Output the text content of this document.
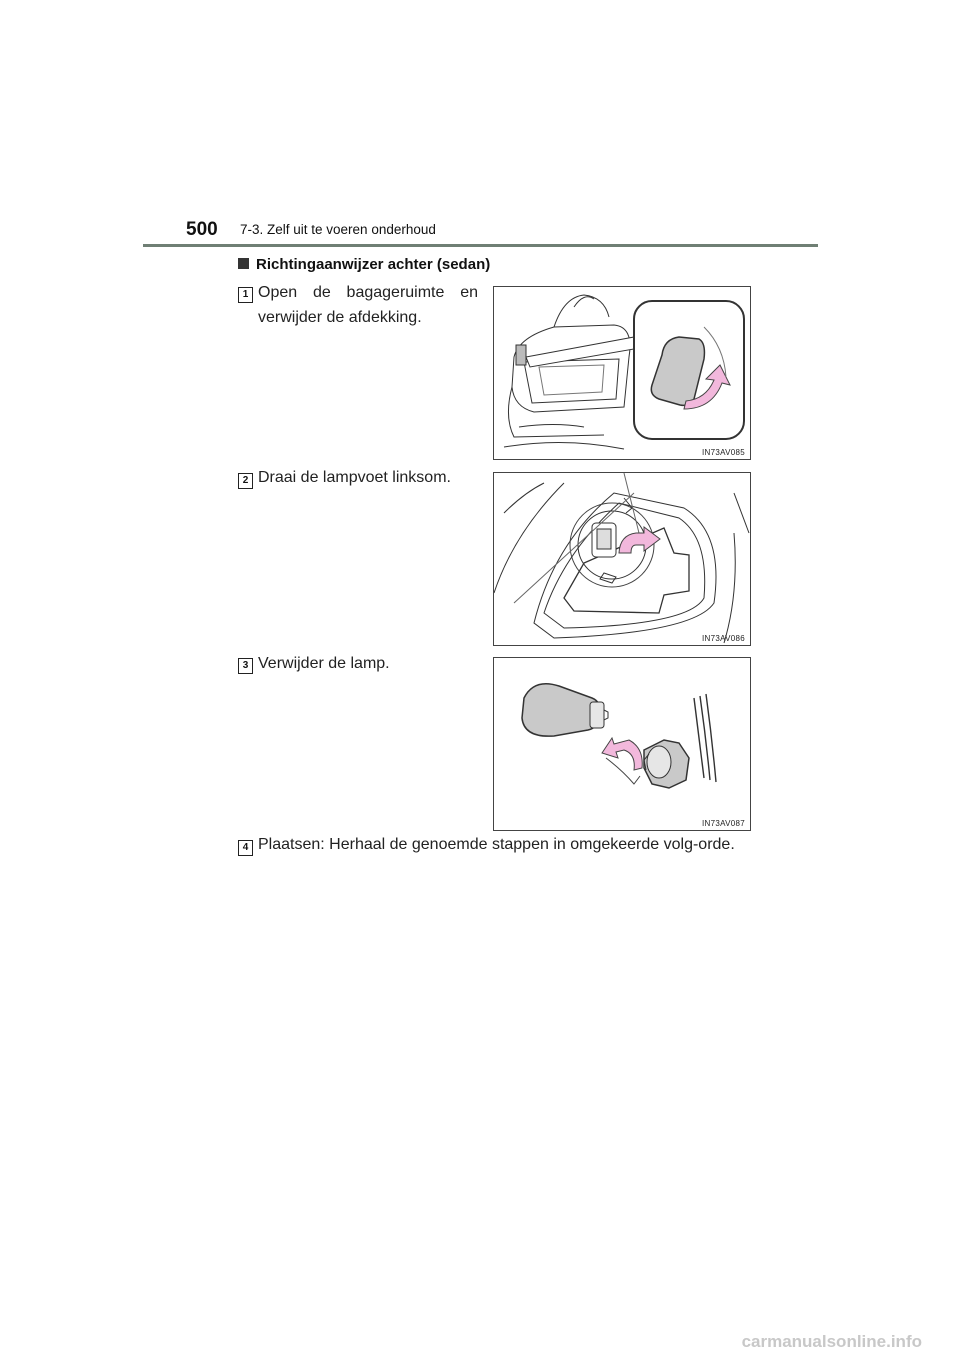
500 7-3. Zelf uit te voeren onderhoud
Richtingaanwijzer achter (sedan)
1 Open de bagageruimte en verwijder de afdekking.
IN73AV085
2 Draai de lampvoet linksom.
IN73AV086
3 Verwijder de lamp.
IN73AV087
4 Plaatsen: Herhaal de genoemde stappen in omgekeerde volg-orde.
carmanualsonline.info
